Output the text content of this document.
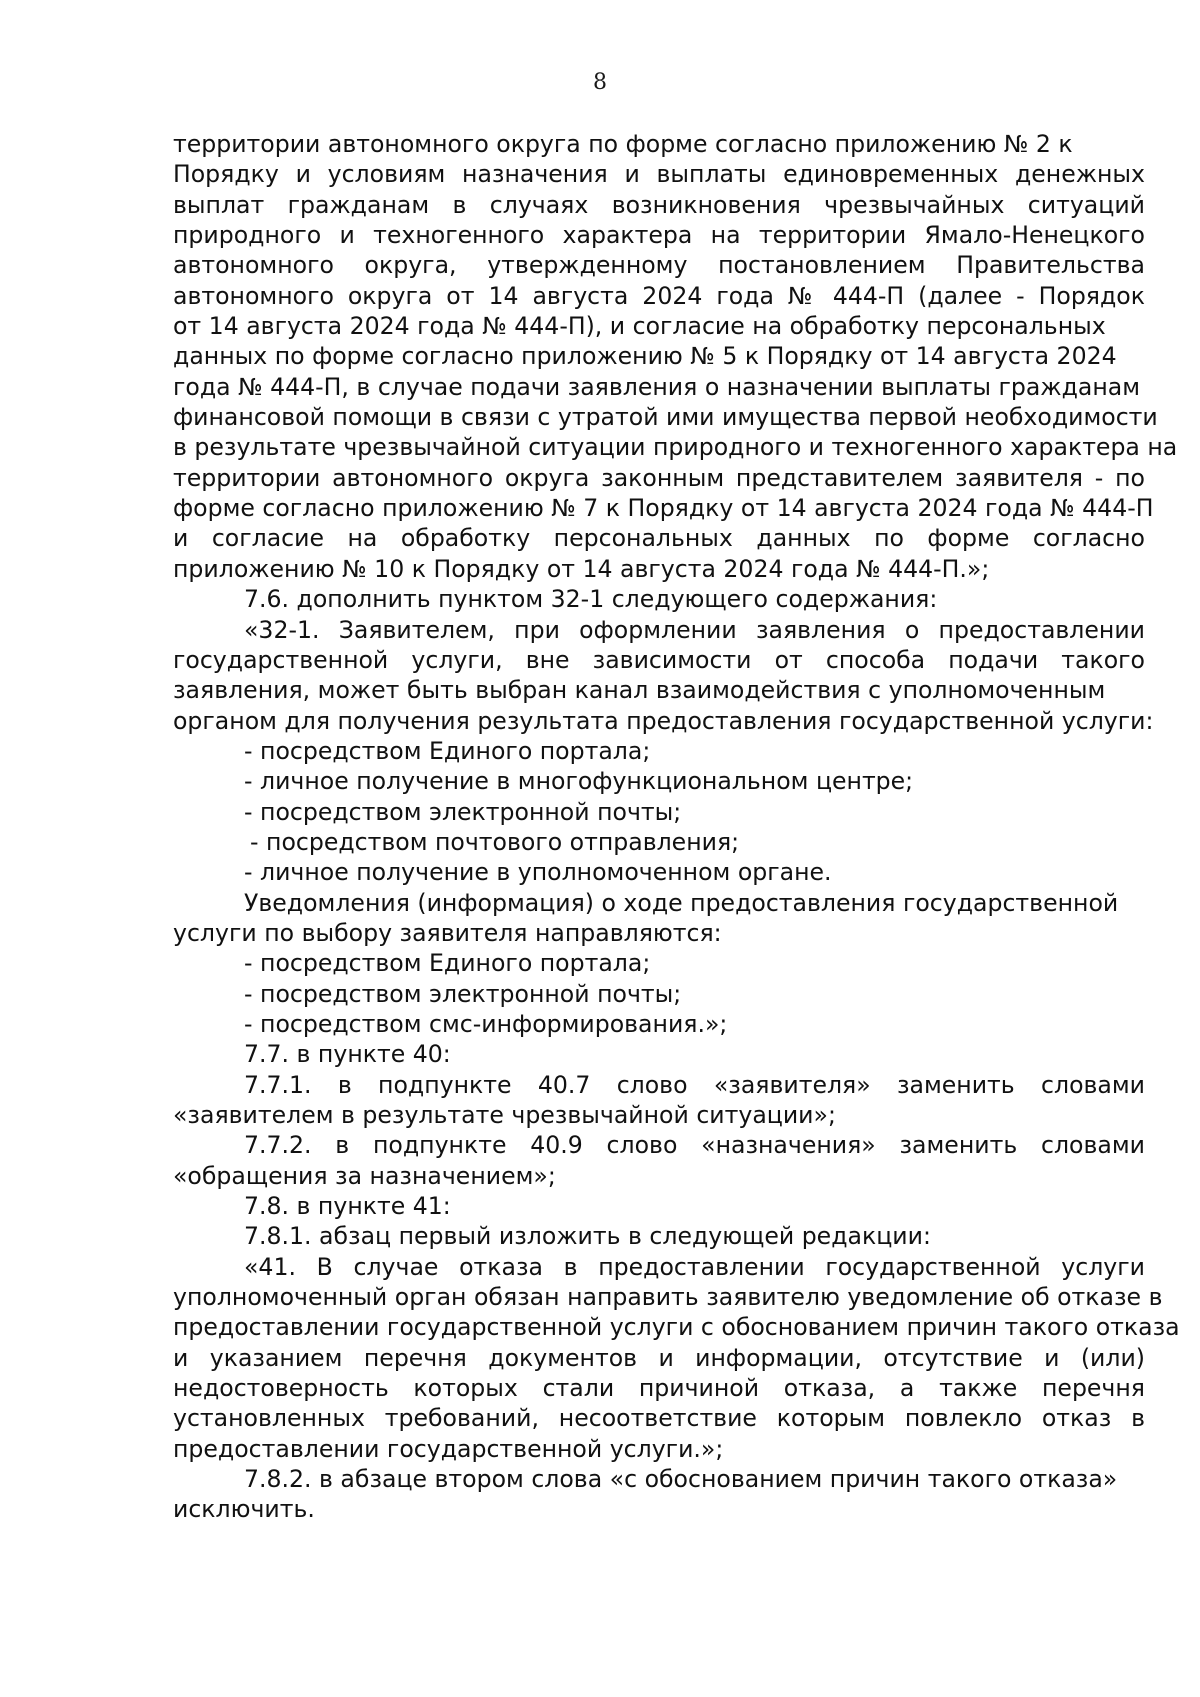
8
территории автономного округа по форме согласно приложению № 2 к
Порядку и условиям назначения и выплаты единовременных денежных
выплат гражданам в случаях возникновения чрезвычайных ситуаций
природного и техногенного характера на территории Ямало-Ненецкого
автономного округа, утвержденному постановлением Правительства
автономного округа от 14 августа 2024 года № 444-П (далее - Порядок
от 14 августа 2024 года № 444-П), и согласие на обработку персональных
данных по форме согласно приложению № 5 к Порядку от 14 августа 2024
года № 444-П, в случае подачи заявления о назначении выплаты гражданам
финансовой помощи в связи с утратой ими имущества первой необходимости
в результате чрезвычайной ситуации природного и техногенного характера на
территории автономного округа законным представителем заявителя - по
форме согласно приложению № 7 к Порядку от 14 августа 2024 года № 444-П
и согласие на обработку персональных данных по форме согласно
приложению № 10 к Порядку от 14 августа 2024 года № 444-П.»;
7.6. дополнить пунктом 32-1 следующего содержания:
«32-1. Заявителем, при оформлении заявления о предоставлении
государственной услуги, вне зависимости от способа подачи такого
заявления, может быть выбран канал взаимодействия с уполномоченным
органом для получения результата предоставления государственной услуги:
- посредством Единого портала;
- личное получение в многофункциональном центре;
- посредством электронной почты;
- посредством почтового отправления;
- личное получение в уполномоченном органе.
Уведомления (информация) о ходе предоставления государственной
услуги по выбору заявителя направляются:
- посредством Единого портала;
- посредством электронной почты;
- посредством смс-информирования.»;
7.7. в пункте 40:
7.7.1. в подпункте 40.7 слово «заявителя» заменить словами
«заявителем в результате чрезвычайной ситуации»;
7.7.2. в подпункте 40.9 слово «назначения» заменить словами
«обращения за назначением»;
7.8. в пункте 41:
7.8.1. абзац первый изложить в следующей редакции:
«41. В случае отказа в предоставлении государственной услуги
уполномоченный орган обязан направить заявителю уведомление об отказе в
предоставлении государственной услуги с обоснованием причин такого отказа
и указанием перечня документов и информации, отсутствие и (или)
недостоверность которых стали причиной отказа, а также перечня
установленных требований, несоответствие которым повлекло отказ в
предоставлении государственной услуги.»;
7.8.2. в абзаце втором слова «с обоснованием причин такого отказа»
исключить.
